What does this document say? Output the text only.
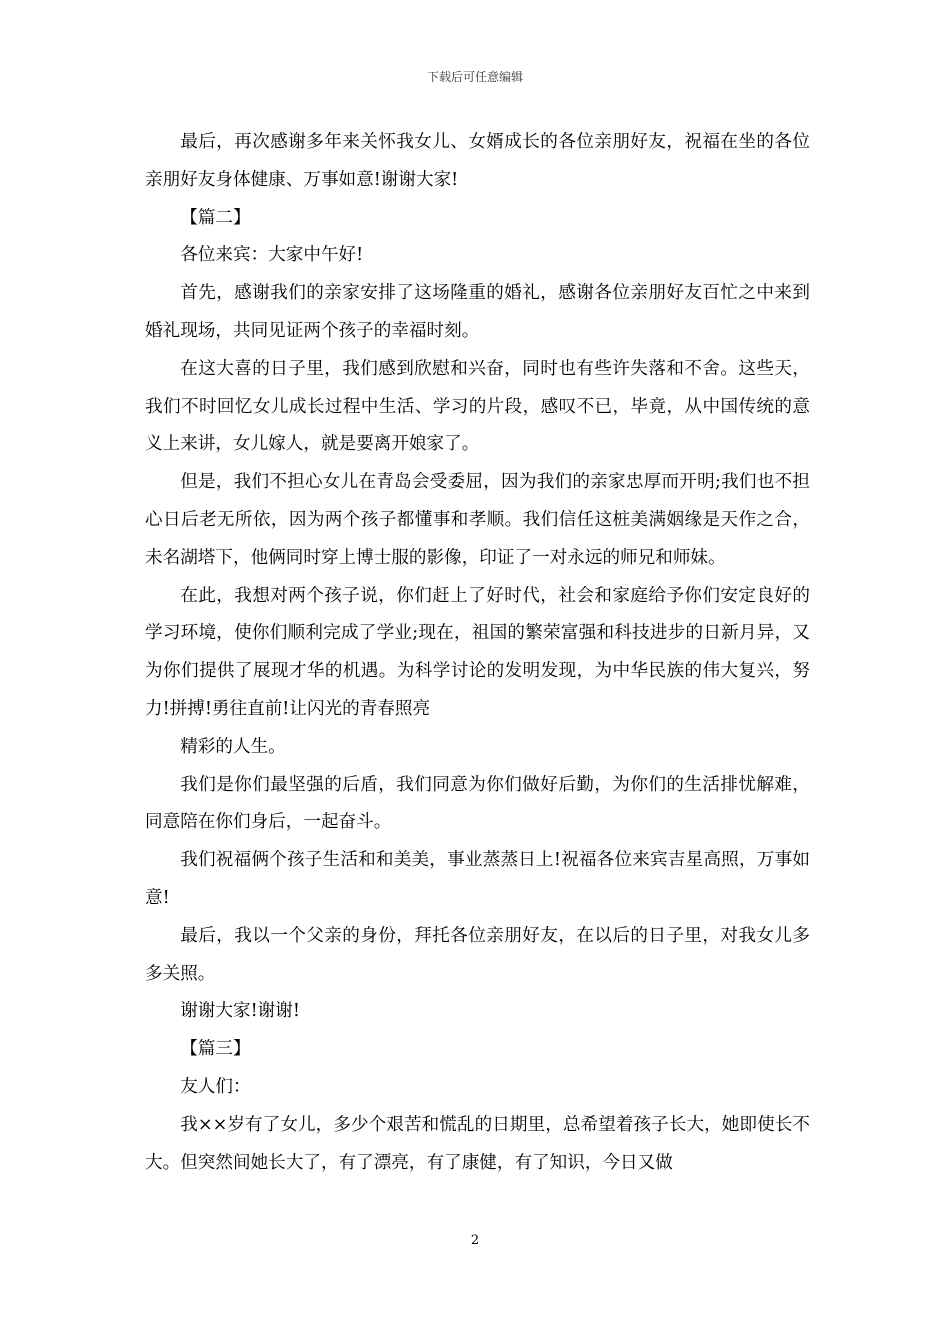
下载后可任意编辑

最后，再次感谢多年来关怀我女儿、女婿成长的各位亲朋好友，祝福在坐的各位亲朋好友身体健康、万事如意!谢谢大家!

【篇二】

各位来宾：大家中午好!

首先，感谢我们的亲家安排了这场隆重的婚礼，感谢各位亲朋好友百忙之中来到婚礼现场，共同见证两个孩子的幸福时刻。

在这大喜的日子里，我们感到欣慰和兴奋，同时也有些许失落和不舍。这些天，我们不时回忆女儿成长过程中生活、学习的片段，感叹不已，毕竟，从中国传统的意义上来讲，女儿嫁人，就是要离开娘家了。

但是，我们不担心女儿在青岛会受委屈，因为我们的亲家忠厚而开明;我们也不担心日后老无所依，因为两个孩子都懂事和孝顺。我们信任这桩美满姻缘是天作之合，未名湖塔下，他俩同时穿上博士服的影像，印证了一对永远的师兄和师妹。

在此，我想对两个孩子说，你们赶上了好时代，社会和家庭给予你们安定良好的学习环境，使你们顺利完成了学业;现在，祖国的繁荣富强和科技进步的日新月异，又为你们提供了展现才华的机遇。为科学讨论的发明发现，为中华民族的伟大复兴，努力!拼搏!勇往直前!让闪光的青春照亮

精彩的人生。

我们是你们最坚强的后盾，我们同意为你们做好后勤，为你们的生活排忧解难，同意陪在你们身后，一起奋斗。

我们祝福俩个孩子生活和和美美，事业蒸蒸日上!祝福各位来宾吉星高照，万事如意!

最后，我以一个父亲的身份，拜托各位亲朋好友，在以后的日子里，对我女儿多多关照。

谢谢大家!谢谢!

【篇三】

友人们：

我××岁有了女儿，多少个艰苦和慌乱的日期里，总希望着孩子长大，她即使长不大。但突然间她长大了，有了漂亮，有了康健，有了知识，今日又做

2
